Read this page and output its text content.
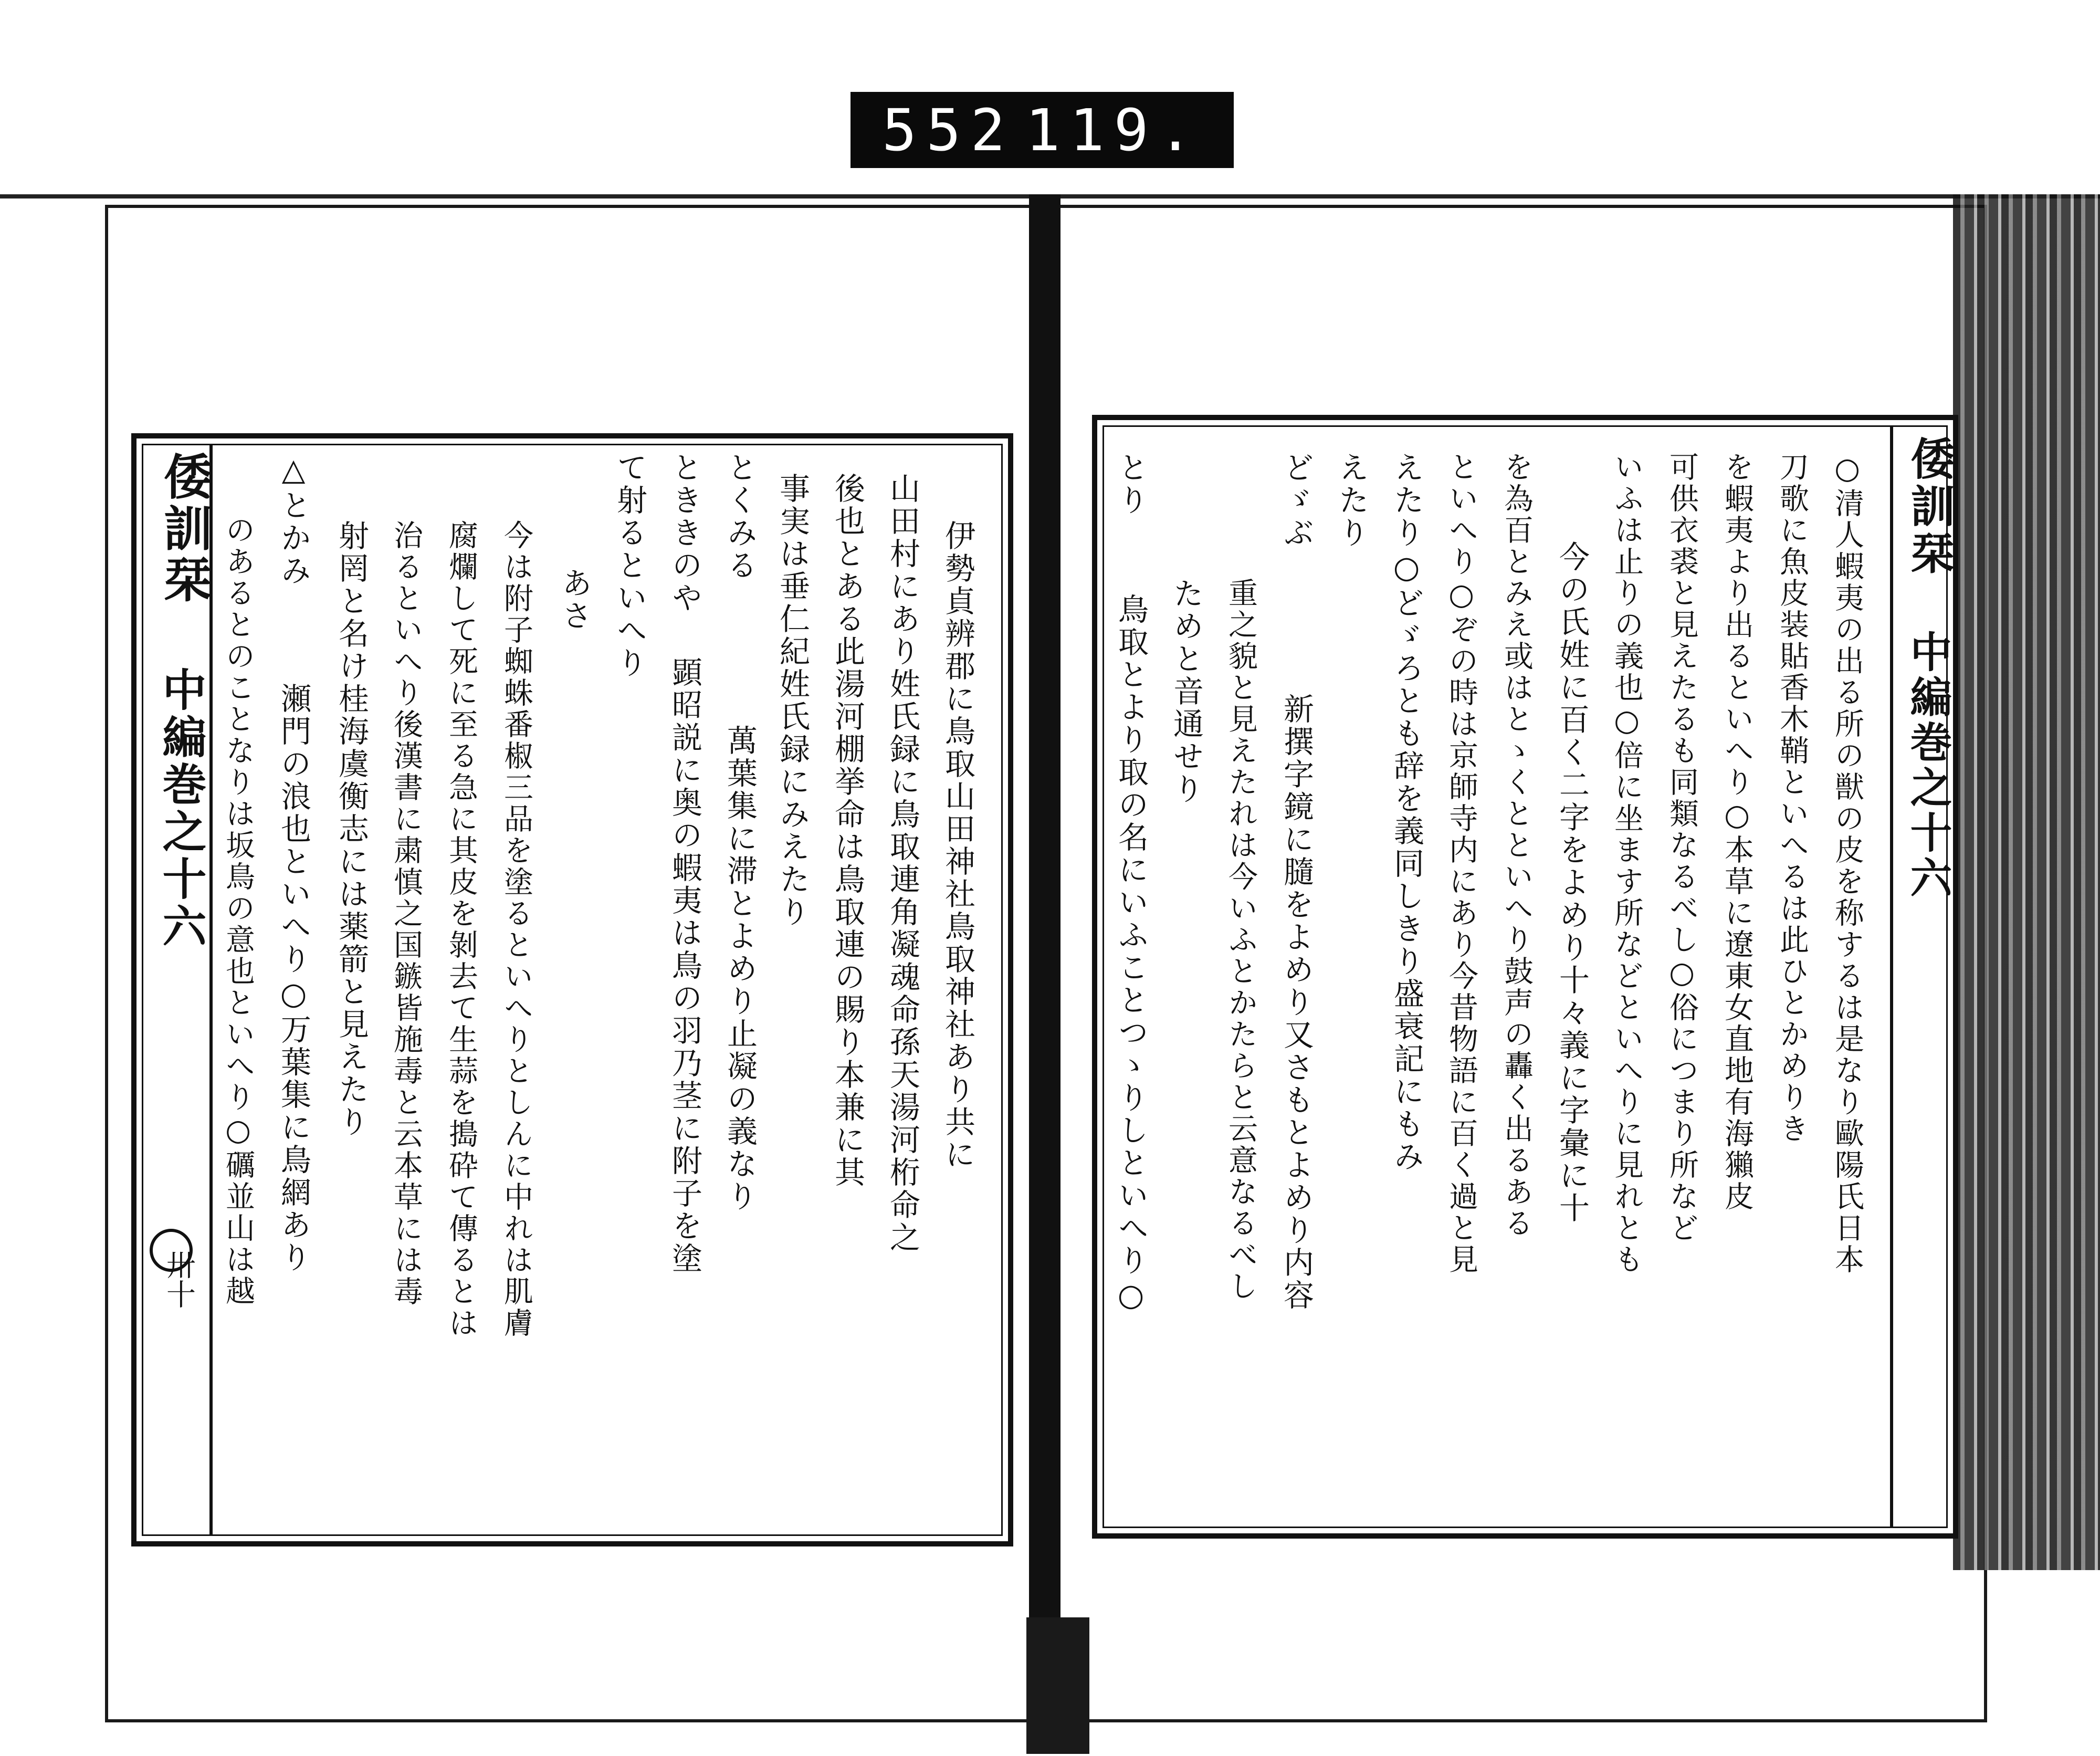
552 119.
倭訓栞
中編巻之十六
卅十
伊勢貞辨郡に鳥取山田神社鳥取神社あり共に
山田村にあり姓氏録に鳥取連角凝魂命孫天湯河桁命之
後也とある此湯河棚挙命は鳥取連の賜り本兼に其
事実は垂仁紀姓氏録にみえたり
とくみる
萬葉集に滞とよめり止凝の義なり
とききのや
顕昭説に奥の蝦夷は鳥の羽乃茎に附子を塗
て射るといへり
あさ
今は附子蜘蛛番椒三品を塗るといへりとしんに中れは肌膚
腐爛して死に至る急に其皮を剝去て生蒜を搗砕て傳るとは
治るといへり後漢書に粛慎之国鏃皆施毒と云本草には毒
射罔と名け桂海虞衡志には薬箭と見えたり
△とかみ
瀬門の浪也といへり○万葉集に鳥網あり
のあるとのことなりは坂鳥の意也といへり○礪並山は越
倭訓栞
中編巻之十六
○清人蝦夷の出る所の獣の皮を称するは是なり歐陽氏日本
刀歌に魚皮装貼香木鞘といへるは此ひとかめりき
を蝦夷より出るといへり○本草に遼東女直地有海獺皮
可供衣裘と見えたるも同類なるべし○俗につまり所など
いふは止りの義也○倍に坐ます所などといへりに見れとも
今の氏姓に百く二字をよめり十々義に字彙に十
を為百とみえ或はとゝくとといへり鼓声の轟く出るある
といへり○ぞの時は京師寺内にあり今昔物語に百く過と見
えたり○どゞろとも辞を義同しきり盛衰記にもみ
えたり
どゞぶ
新撰字鏡に膸をよめり又さもとよめり内容
重之貌と見えたれは今いふとかたらと云意なるべし
ためと音通せり
とり
鳥取とより取の名にいふことつゝりしといへり○
